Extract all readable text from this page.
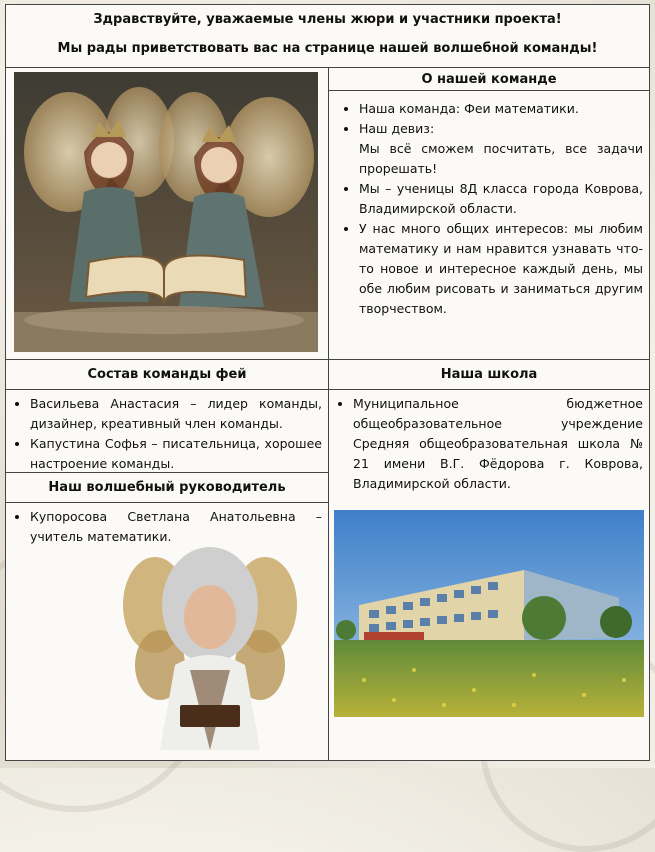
Здравствуйте, уважаемые члены жюри и участники проекта!
Мы рады приветствовать вас на странице нашей волшебной команды!
О нашей команде
• Наша команда: Феи математики.
• Наш девиз:

Мы всё сможем посчитать, все задачи прорешать!

• Мы – ученицы 8Д класса города Коврова, Владимирской области.
• У нас много общих интересов: мы любим математику и нам нравится узнавать что-то новое и интересное каждый день, мы обе любим рисовать и заниматься другим творчеством.
Состав команды фей
• Васильева Анастасия – лидер команды, дизайнер, креативный член команды.
• Капустина Софья – писательница, хорошее настроение команды.
Наш волшебный руководитель
• Купоросова Светлана Анатольевна – учитель математики.
Наша школа
• Муниципальное бюджетное общеобразовательное учреждение Средняя общеобразовательная школа № 21 имени В.Г. Фёдорова г. Коврова, Владимирской области.
